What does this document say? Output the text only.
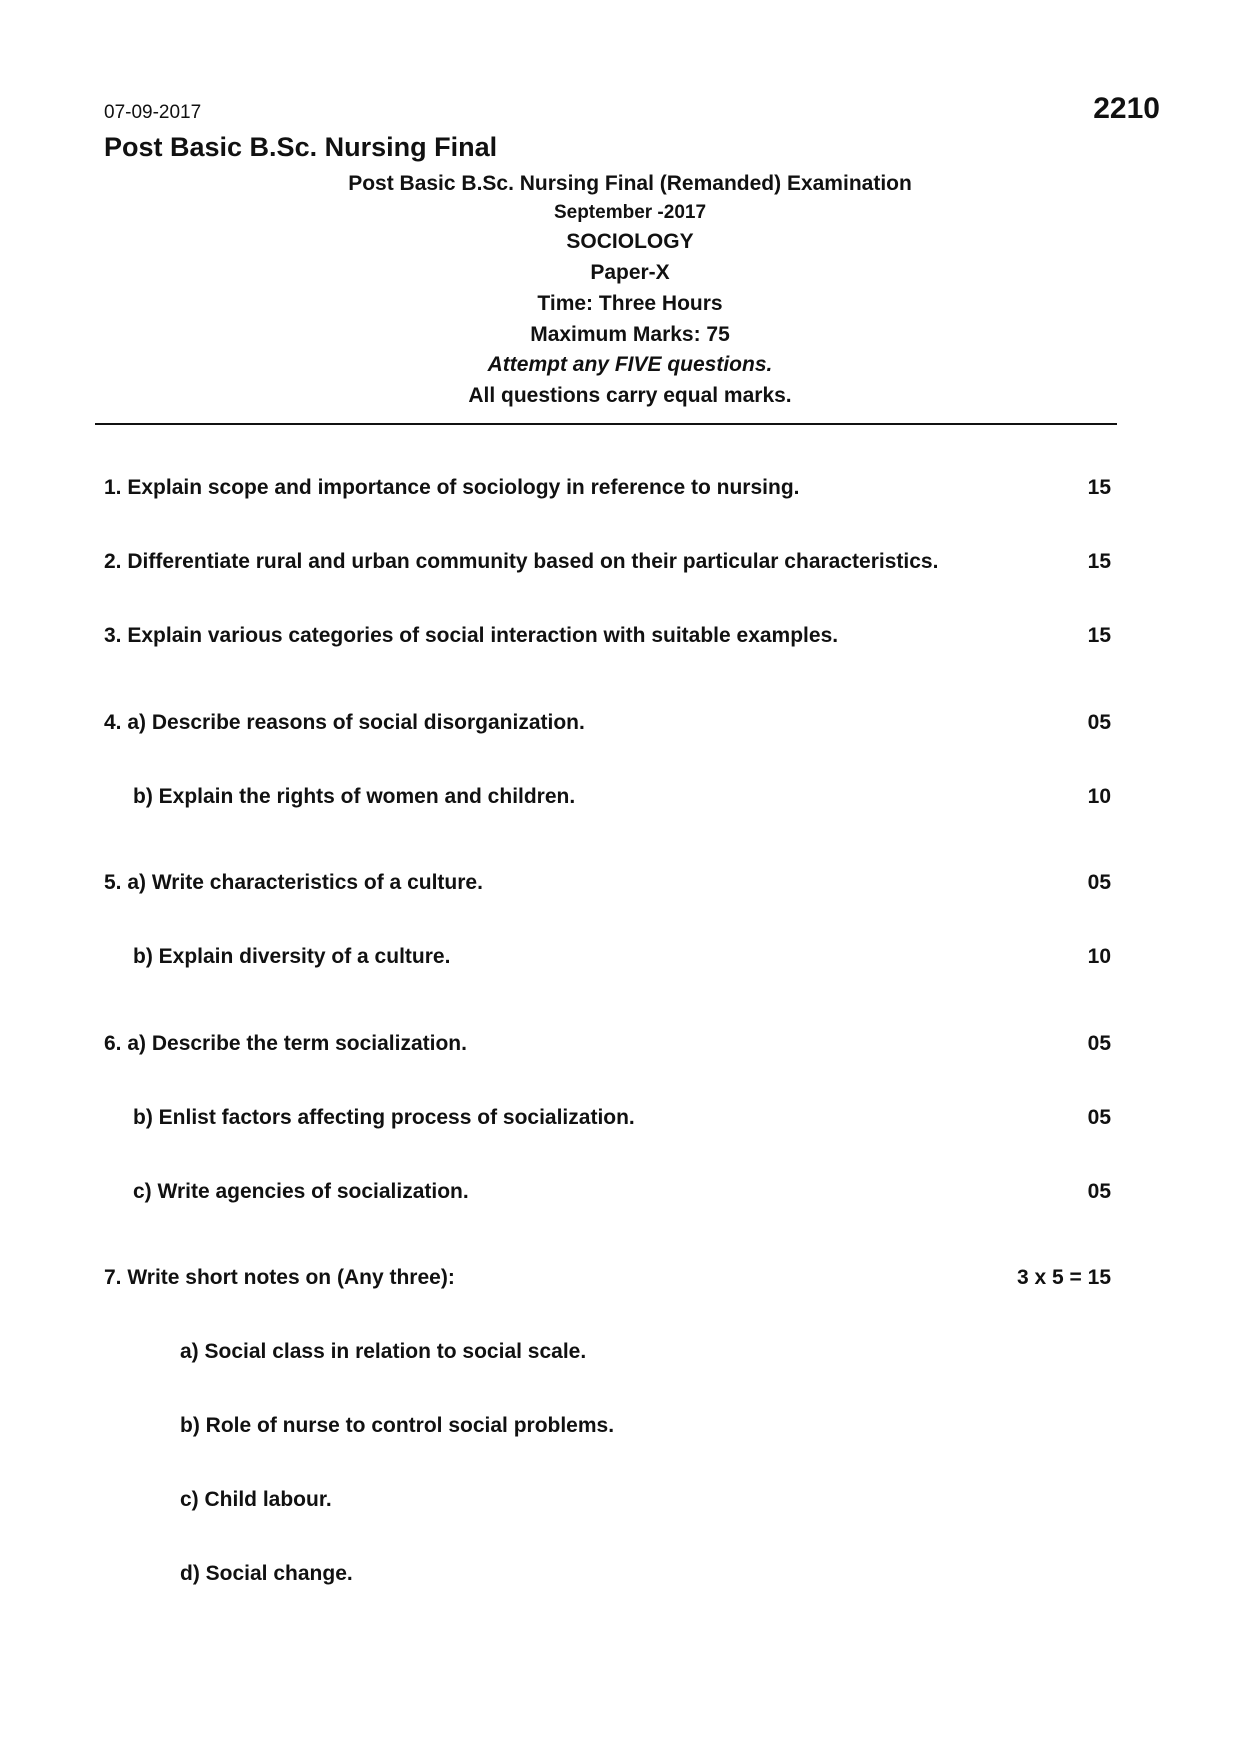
07-09-2017	2210
Post Basic B.Sc. Nursing Final
Post Basic B.Sc. Nursing Final (Remanded) Examination
September -2017
SOCIOLOGY
Paper-X
Time: Three Hours
Maximum Marks: 75
Attempt any FIVE questions.
All questions carry equal marks.
1. Explain scope and importance of sociology in reference to nursing.	15
2. Differentiate rural and urban community based on their particular characteristics.	15
3. Explain various categories of social interaction with suitable examples.	15
4. a) Describe reasons of social disorganization.	05
b) Explain the rights of women and children.	10
5. a) Write characteristics of a culture.	05
b) Explain diversity of a culture.	10
6. a) Describe the term socialization.	05
b) Enlist factors affecting process of socialization.	05
c) Write agencies of socialization.	05
7. Write short notes on (Any three):	3 x 5 = 15
a) Social class in relation to social scale.
b) Role of nurse to control social problems.
c) Child labour.
d) Social change.
